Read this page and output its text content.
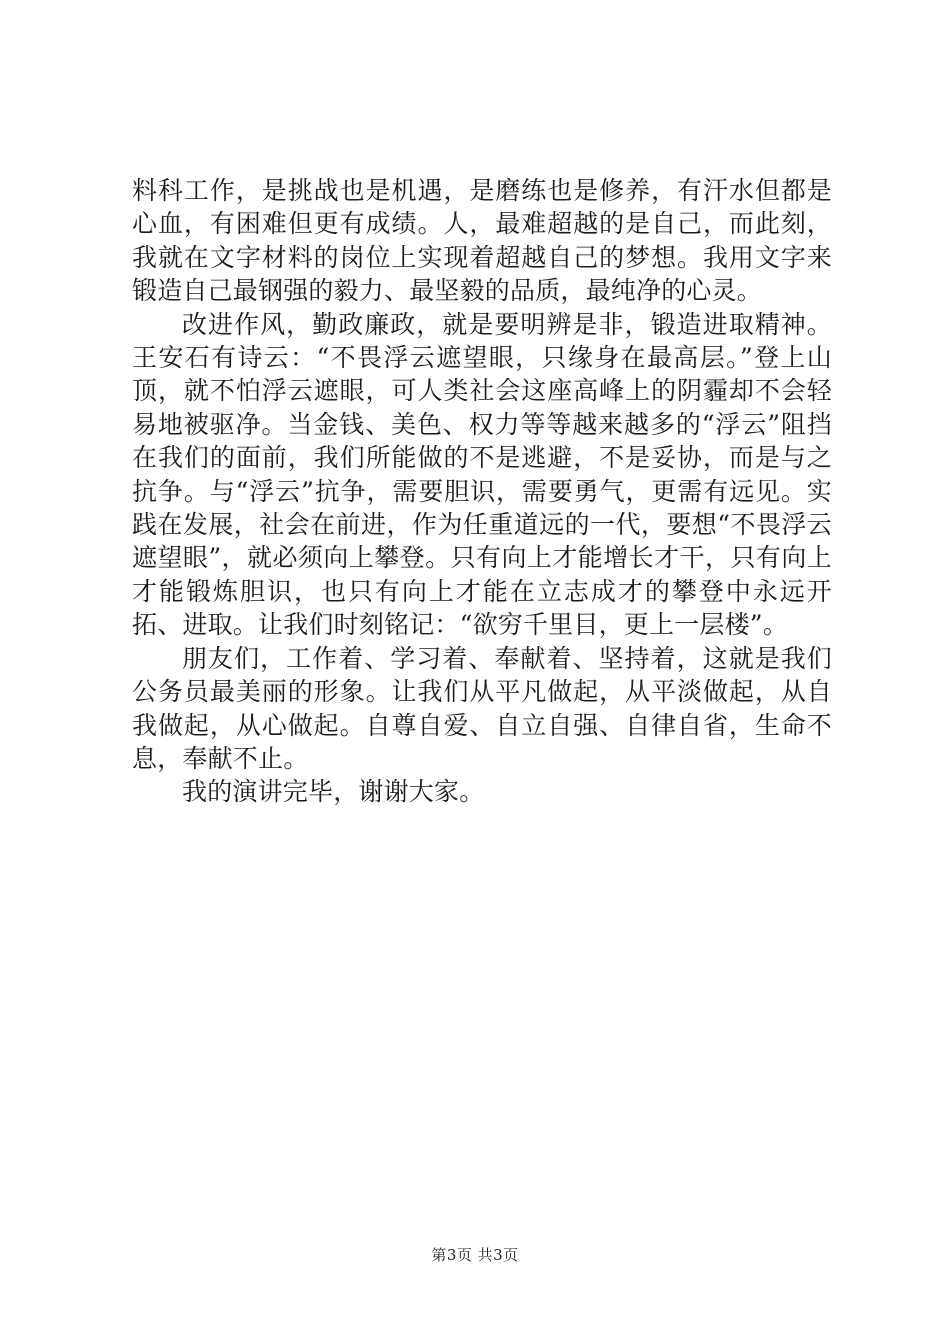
料科工作，是挑战也是机遇，是磨练也是修养，有汗水但都是心血，有困难但更有成绩。人，最难超越的是自己，而此刻，我就在文字材料的岗位上实现着超越自己的梦想。我用文字来锻造自己最钢强的毅力、最坚毅的品质，最纯净的心灵。

改进作风，勤政廉政，就是要明辨是非，锻造进取精神。王安石有诗云：“不畏浮云遮望眼，只缘身在最高层。”登上山顶，就不怕浮云遮眼，可人类社会这座高峰上的阴霾却不会轻易地被驱净。当金钱、美色、权力等等越来越多的“浮云”阻挡在我们的面前，我们所能做的不是逃避，不是妥协，而是与之抗争。与“浮云”抗争，需要胆识，需要勇气，更需有远见。实践在发展，社会在前进，作为任重道远的一代，要想“不畏浮云遮望眼”，就必须向上攀登。只有向上才能增长才干，只有向上才能锻炼胆识，也只有向上才能在立志成才的攀登中永远开拓、进取。让我们时刻铭记：“欲穷千里目，更上一层楼”。

朋友们，工作着、学习着、奉献着、坚持着，这就是我们公务员最美丽的形象。让我们从平凡做起，从平淡做起，从自我做起，从心做起。自尊自爱、自立自强、自律自省，生命不息，奉献不止。

我的演讲完毕，谢谢大家。

第3页 共3页
